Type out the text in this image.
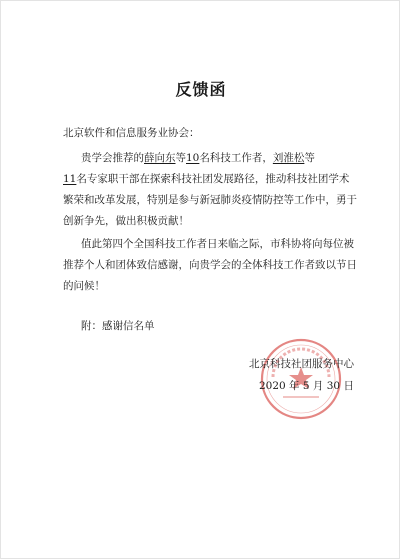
反馈函
北京软件和信息服务业协会：
贵学会推荐的薛向东等10名科技工作者，刘淮松等
11名专家职干部在探索科技社团发展路径，推动科技社团学术
繁荣和改革发展，特别是参与新冠肺炎疫情防控等工作中，勇于
创新争先，做出积极贡献！
值此第四个全国科技工作者日来临之际，市科协将向每位被
推荐个人和团体致信感谢，向贵学会的全体科技工作者致以节日
的问候！
附：感谢信名单
北京科技社团服务中心
2020 年 5 月 30 日
